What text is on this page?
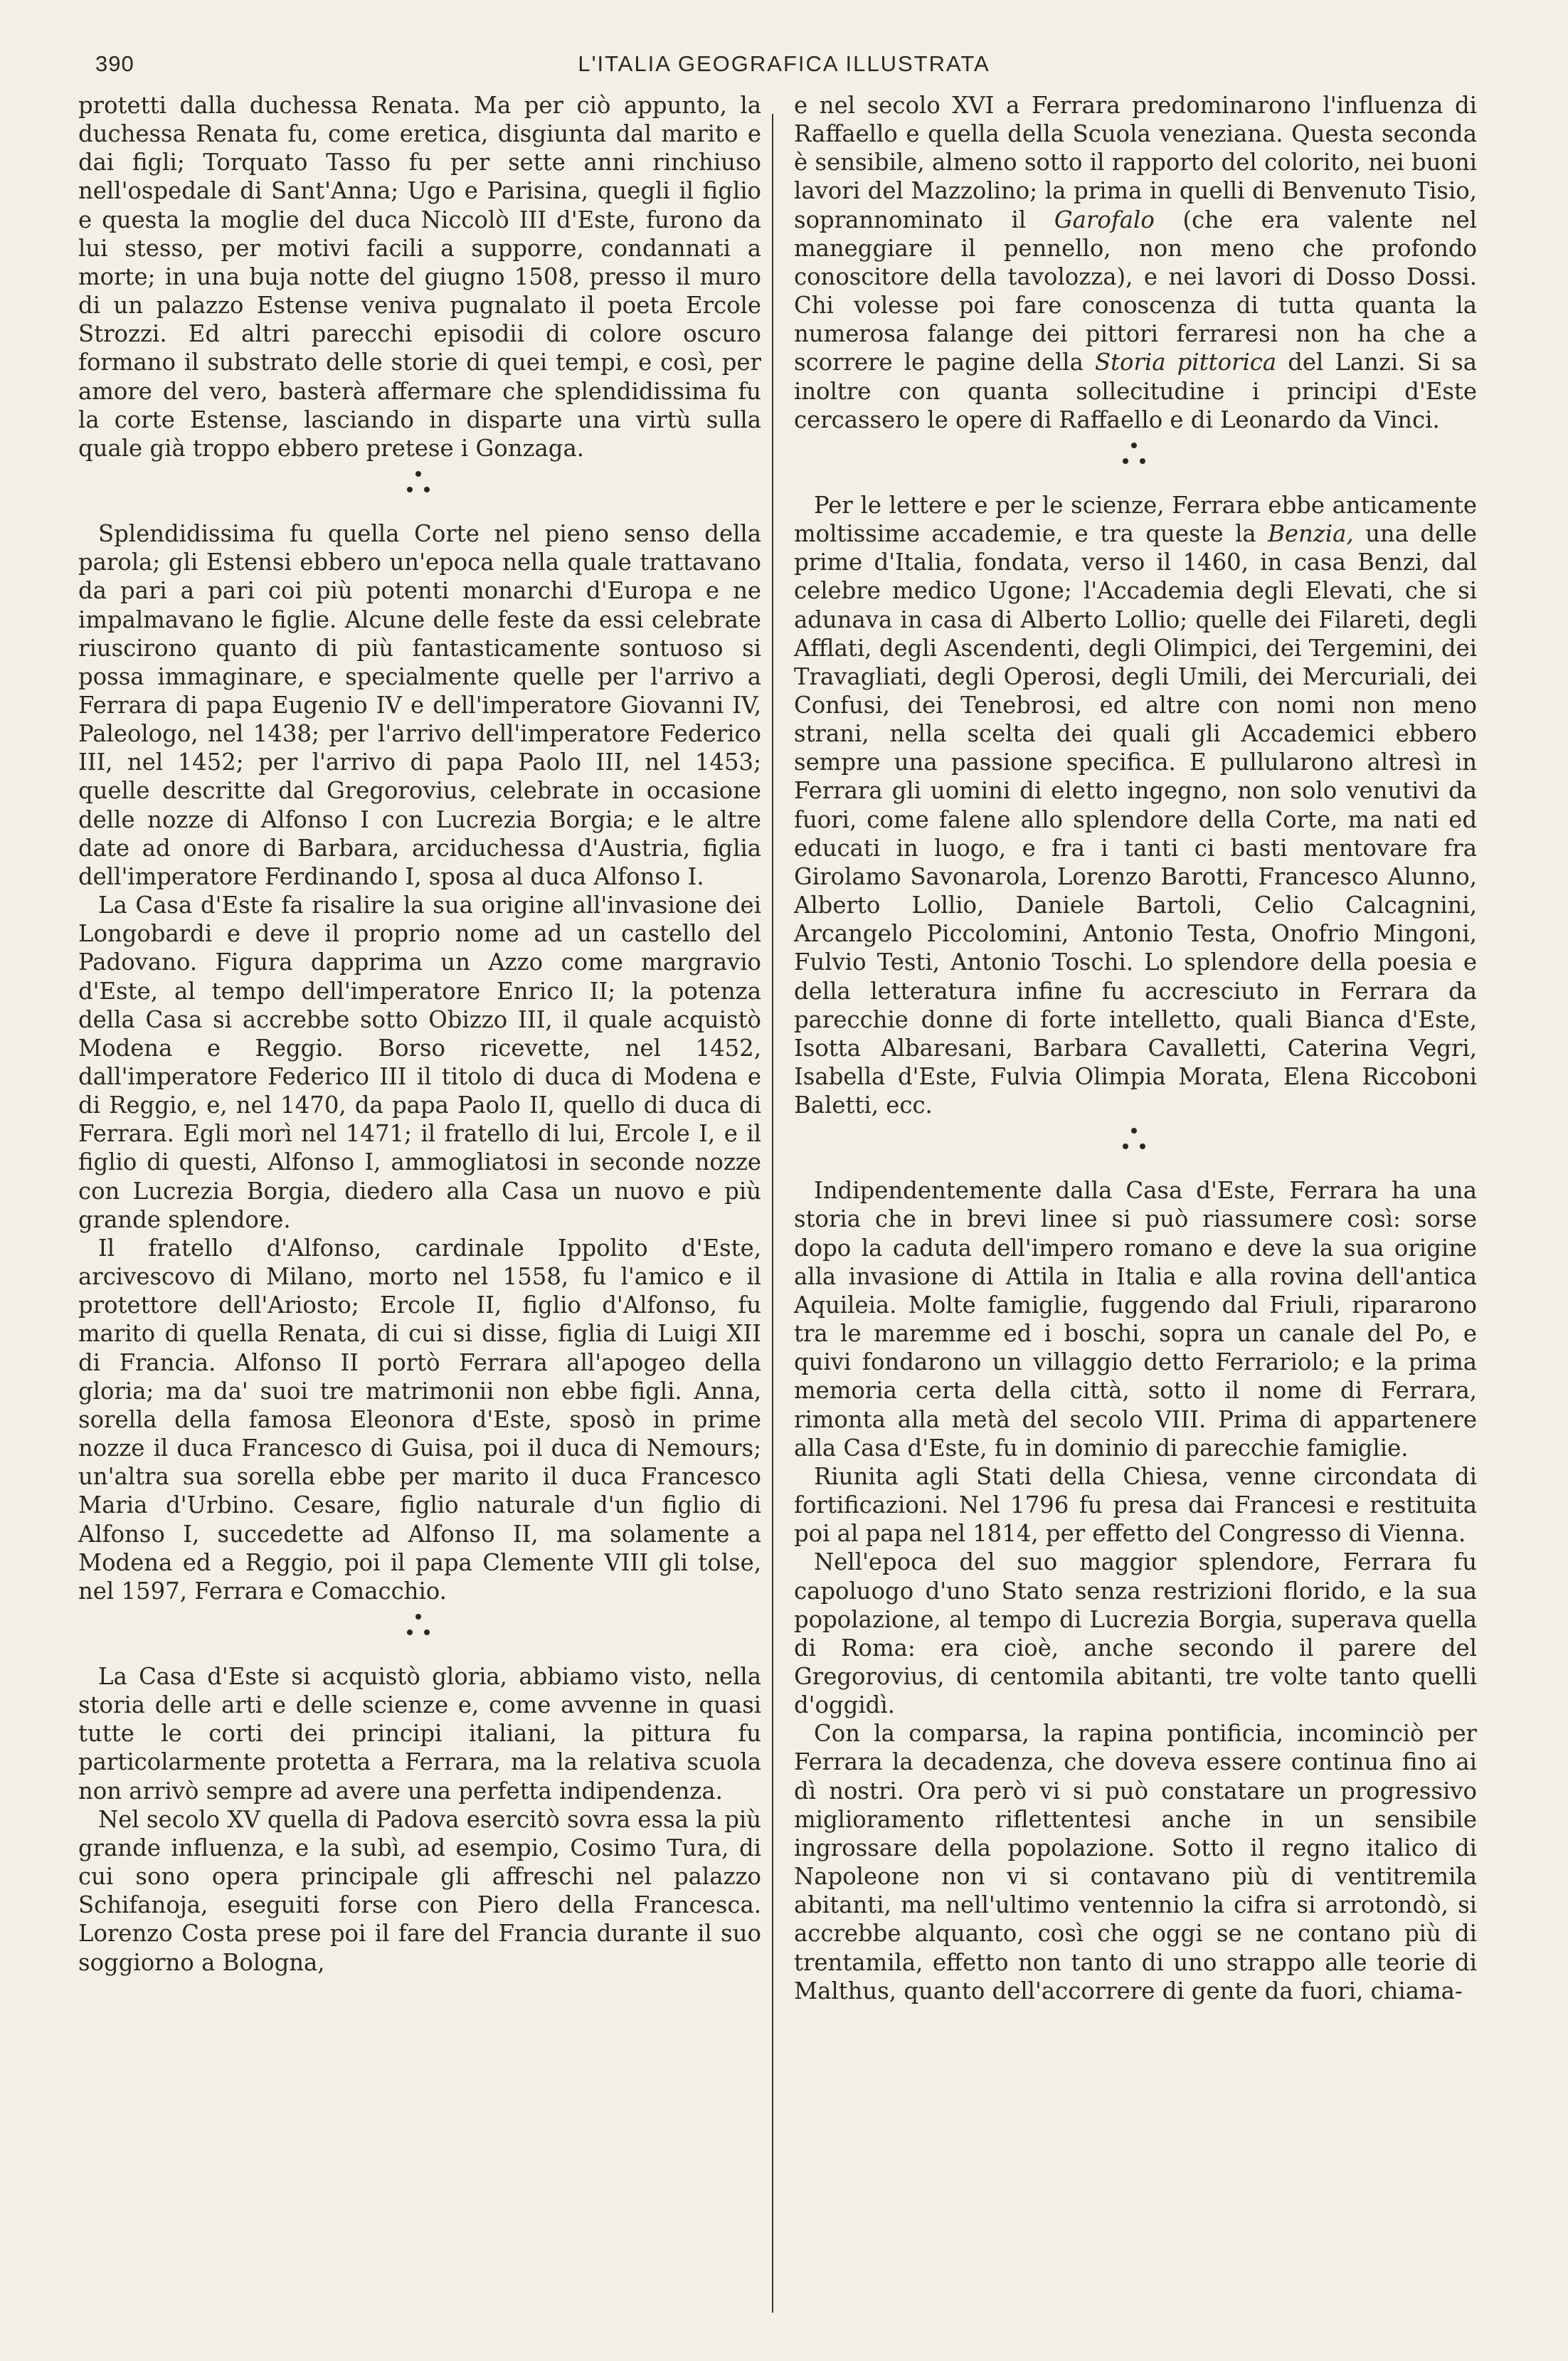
390	L'ITALIA GEOGRAFICA ILLUSTRATA

protetti dalla duchessa Renata. Ma per ciò appunto, la duchessa Renata fu, come eretica, disgiunta dal marito e dai figli; Torquato Tasso fu per sette anni rinchiuso nell'ospedale di Sant'Anna; Ugo e Parisina, quegli il figlio e questa la moglie del duca Niccolò III d'Este, furono da lui stesso, per motivi facili a supporre, condannati a morte; in una buja notte del giugno 1508, presso il muro di un palazzo Estense veniva pugnalato il poeta Ercole Strozzi. Ed altri parecchi episodii di colore oscuro formano il substrato delle storie di quei tempi, e così, per amore del vero, basterà affermare che splendidissima fu la corte Estense, lasciando in disparte una virtù sulla quale già troppo ebbero pretese i Gonzaga.

Splendidissima fu quella Corte nel pieno senso della parola; gli Estensi ebbero un'epoca nella quale trattavano da pari a pari coi più potenti monarchi d'Europa e ne impalmavano le figlie. Alcune delle feste da essi celebrate riuscirono quanto di più fantasticamente sontuoso si possa immaginare, e specialmente quelle per l'arrivo a Ferrara di papa Eugenio IV e dell'imperatore Giovanni IV, Paleologo, nel 1438; per l'arrivo dell'imperatore Federico III, nel 1452; per l'arrivo di papa Paolo III, nel 1453; quelle descritte dal Gregorovius, celebrate in occasione delle nozze di Alfonso I con Lucrezia Borgia; e le altre date ad onore di Barbara, arciduchessa d'Austria, figlia dell'imperatore Ferdinando I, sposa al duca Alfonso I.

La Casa d'Este fa risalire la sua origine all'invasione dei Longobardi e deve il proprio nome ad un castello del Padovano. Figura dapprima un Azzo come margravio d'Este, al tempo dell'imperatore Enrico II; la potenza della Casa si accrebbe sotto Obizzo III, il quale acquistò Modena e Reggio. Borso ricevette, nel 1452, dall'imperatore Federico III il titolo di duca di Modena e di Reggio, e, nel 1470, da papa Paolo II, quello di duca di Ferrara. Egli morì nel 1471; il fratello di lui, Ercole I, e il figlio di questi, Alfonso I, ammogliatosi in seconde nozze con Lucrezia Borgia, diedero alla Casa un nuovo e più grande splendore.

Il fratello d'Alfonso, cardinale Ippolito d'Este, arcivescovo di Milano, morto nel 1558, fu l'amico e il protettore dell'Ariosto; Ercole II, figlio d'Alfonso, fu marito di quella Renata, di cui si disse, figlia di Luigi XII di Francia. Alfonso II portò Ferrara all'apogeo della gloria; ma da' suoi tre matrimonii non ebbe figli. Anna, sorella della famosa Eleonora d'Este, sposò in prime nozze il duca Francesco di Guisa, poi il duca di Nemours; un'altra sua sorella ebbe per marito il duca Francesco Maria d'Urbino. Cesare, figlio naturale d'un figlio di Alfonso I, succedette ad Alfonso II, ma solamente a Modena ed a Reggio, poi il papa Clemente VIII gli tolse, nel 1597, Ferrara e Comacchio.

La Casa d'Este si acquistò gloria, abbiamo visto, nella storia delle arti e delle scienze e, come avvenne in quasi tutte le corti dei principi italiani, la pittura fu particolarmente protetta a Ferrara, ma la relativa scuola non arrivò sempre ad avere una perfetta indipendenza.

Nel secolo XV quella di Padova esercitò sovra essa la più grande influenza, e la subì, ad esempio, Cosimo Tura, di cui sono opera principale gli affreschi nel palazzo Schifanoja, eseguiti forse con Piero della Francesca. Lorenzo Costa prese poi il fare del Francia durante il suo soggiorno a Bologna,

e nel secolo XVI a Ferrara predominarono l'influenza di Raffaello e quella della Scuola veneziana. Questa seconda è sensibile, almeno sotto il rapporto del colorito, nei buoni lavori del Mazzolino; la prima in quelli di Benvenuto Tisio, soprannominato il Garofalo (che era valente nel maneggiare il pennello, non meno che profondo conoscitore della tavolozza), e nei lavori di Dosso Dossi. Chi volesse poi fare conoscenza di tutta quanta la numerosa falange dei pittori ferraresi non ha che a scorrere le pagine della Storia pittorica del Lanzi. Si sa inoltre con quanta sollecitudine i principi d'Este cercassero le opere di Raffaello e di Leonardo da Vinci.

Per le lettere e per le scienze, Ferrara ebbe anticamente moltissime accademie, e tra queste la Benzia, una delle prime d'Italia, fondata, verso il 1460, in casa Benzi, dal celebre medico Ugone; l'Accademia degli Elevati, che si adunava in casa di Alberto Lollio; quelle dei Filareti, degli Afflati, degli Ascendenti, degli Olimpici, dei Tergemini, dei Travagliati, degli Operosi, degli Umili, dei Mercuriali, dei Confusi, dei Tenebrosi, ed altre con nomi non meno strani, nella scelta dei quali gli Accademici ebbero sempre una passione specifica. E pullularono altresì in Ferrara gli uomini di eletto ingegno, non solo venutivi da fuori, come falene allo splendore della Corte, ma nati ed educati in luogo, e fra i tanti ci basti mentovare fra Girolamo Savonarola, Lorenzo Barotti, Francesco Alunno, Alberto Lollio, Daniele Bartoli, Celio Calcagnini, Arcangelo Piccolomini, Antonio Testa, Onofrio Mingoni, Fulvio Testi, Antonio Toschi. Lo splendore della poesia e della letteratura infine fu accresciuto in Ferrara da parecchie donne di forte intelletto, quali Bianca d'Este, Isotta Albaresani, Barbara Cavalletti, Caterina Vegri, Isabella d'Este, Fulvia Olimpia Morata, Elena Riccoboni Baletti, ecc.

Indipendentemente dalla Casa d'Este, Ferrara ha una storia che in brevi linee si può riassumere così: sorse dopo la caduta dell'impero romano e deve la sua origine alla invasione di Attila in Italia e alla rovina dell'antica Aquileia. Molte famiglie, fuggendo dal Friuli, ripararono tra le maremme ed i boschi, sopra un canale del Po, e quivi fondarono un villaggio detto Ferrariolo; e la prima memoria certa della città, sotto il nome di Ferrara, rimonta alla metà del secolo VIII. Prima di appartenere alla Casa d'Este, fu in dominio di parecchie famiglie.

Riunita agli Stati della Chiesa, venne circondata di fortificazioni. Nel 1796 fu presa dai Francesi e restituita poi al papa nel 1814, per effetto del Congresso di Vienna.

Nell'epoca del suo maggior splendore, Ferrara fu capoluogo d'uno Stato senza restrizioni florido, e la sua popolazione, al tempo di Lucrezia Borgia, superava quella di Roma: era cioè, anche secondo il parere del Gregorovius, di centomila abitanti, tre volte tanto quelli d'oggidì.

Con la comparsa, la rapina pontificia, incominciò per Ferrara la decadenza, che doveva essere continua fino ai dì nostri. Ora però vi si può constatare un progressivo miglioramento riflettentesi anche in un sensibile ingrossare della popolazione. Sotto il regno italico di Napoleone non vi si contavano più di ventitremila abitanti, ma nell'ultimo ventennio la cifra si arrotondò, si accrebbe alquanto, così che oggi se ne contano più di trentamila, effetto non tanto di uno strappo alle teorie di Malthus, quanto dell'accorrere di gente da fuori, chiama-
